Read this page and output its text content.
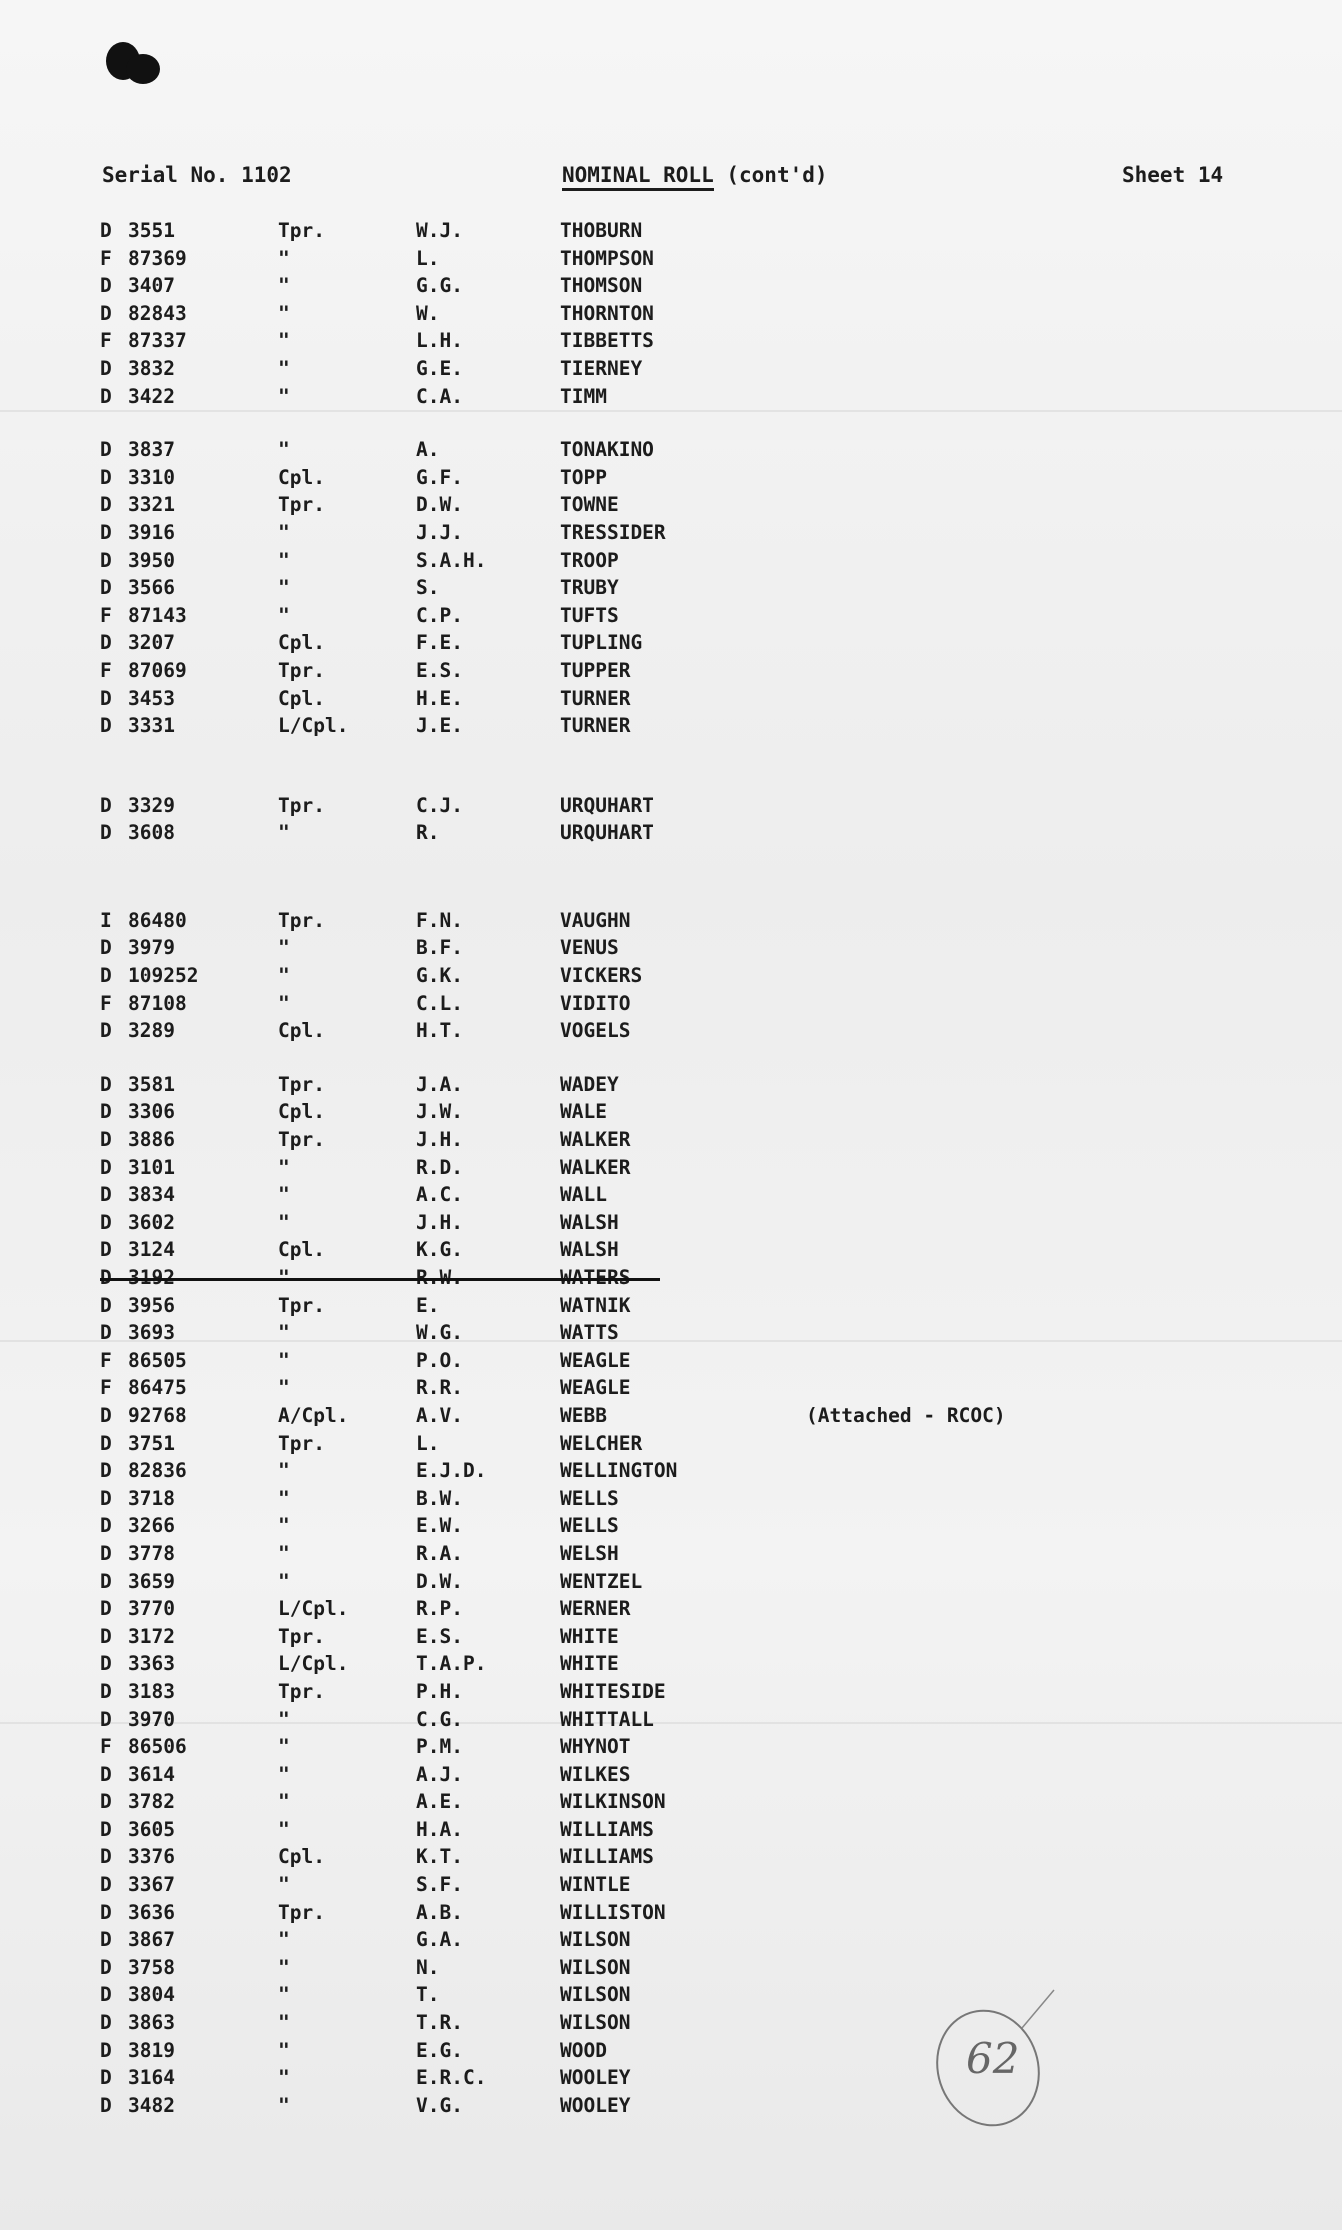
Serial No. 1102	NOMINAL ROLL (cont'd)	Sheet 14
D 3551	Tpr.	W.J.	THOBURN
F 87369	"	L.	THOMPSON
D 3407	"	G.G.	THOMSON
D 82843	"	W.	THORNTON
F 87337	"	L.H.	TIBBETTS
D 3832	"	G.E.	TIERNEY
D 3422	"	C.A.	TIMM
D 3837	"	A.	TONAKINO
D 3310	Cpl.	G.F.	TOPP
D 3321	Tpr.	D.W.	TOWNE
D 3916	"	J.J.	TRESSIDER
D 3950	"	S.A.H.	TROOP
D 3566	"	S.	TRUBY
F 87143	"	C.P.	TUFTS
D 3207	Cpl.	F.E.	TUPLING
F 87069	Tpr.	E.S.	TUPPER
D 3453	Cpl.	H.E.	TURNER
D 3331	L/Cpl.	J.E.	TURNER
D 3329	Tpr.	C.J.	URQUHART
D 3608	"	R.	URQUHART
I 86480	Tpr.	F.N.	VAUGHN
D 3979	"	B.F.	VENUS
D 109252	"	G.K.	VICKERS
F 87108	"	C.L.	VIDITO
D 3289	Cpl.	H.T.	VOGELS
D 3581	Tpr.	J.A.	WADEY
D 3306	Cpl.	J.W.	WALE
D 3886	Tpr.	J.H.	WALKER
D 3101	"	R.D.	WALKER
D 3834	"	A.C.	WALL
D 3602	"	J.H.	WALSH
D 3124	Cpl.	K.G.	WALSH
D 3956	Tpr.	E.	WATNIK
D 3693	"	W.G.	WATTS
F 86505	"	P.O.	WEAGLE
F 86475	"	R.R.	WEAGLE
D 92768	A/Cpl.	A.V.	WEBB	(Attached - RCOC)
D 3751	Tpr.	L.	WELCHER
D 82836	"	E.J.D.	WELLINGTON
D 3718	"	B.W.	WELLS
D 3266	"	E.W.	WELLS
D 3778	"	R.A.	WELSH
D 3659	"	D.W.	WENTZEL
D 3770	L/Cpl.	R.P.	WERNER
D 3172	Tpr.	E.S.	WHITE
D 3363	L/Cpl.	T.A.P.	WHITE
D 3183	Tpr.	P.H.	WHITESIDE
D 3970	"	C.G.	WHITTALL
F 86506	"	P.M.	WHYNOT
D 3614	"	A.J.	WILKES
D 3782	"	A.E.	WILKINSON
D 3605	"	H.A.	WILLIAMS
D 3376	Cpl.	K.T.	WILLIAMS
D 3367	"	S.F.	WINTLE
D 3636	Tpr.	A.B.	WILLISTON
D 3867	"	G.A.	WILSON
D 3758	"	N.	WILSON
D 3804	"	T.	WILSON
D 3863	"	T.R.	WILSON
D 3819	"	E.G.	WOOD
D 3164	"	E.R.C.	WOOLEY
D 3482	"	V.G.	WOOLEY
62
